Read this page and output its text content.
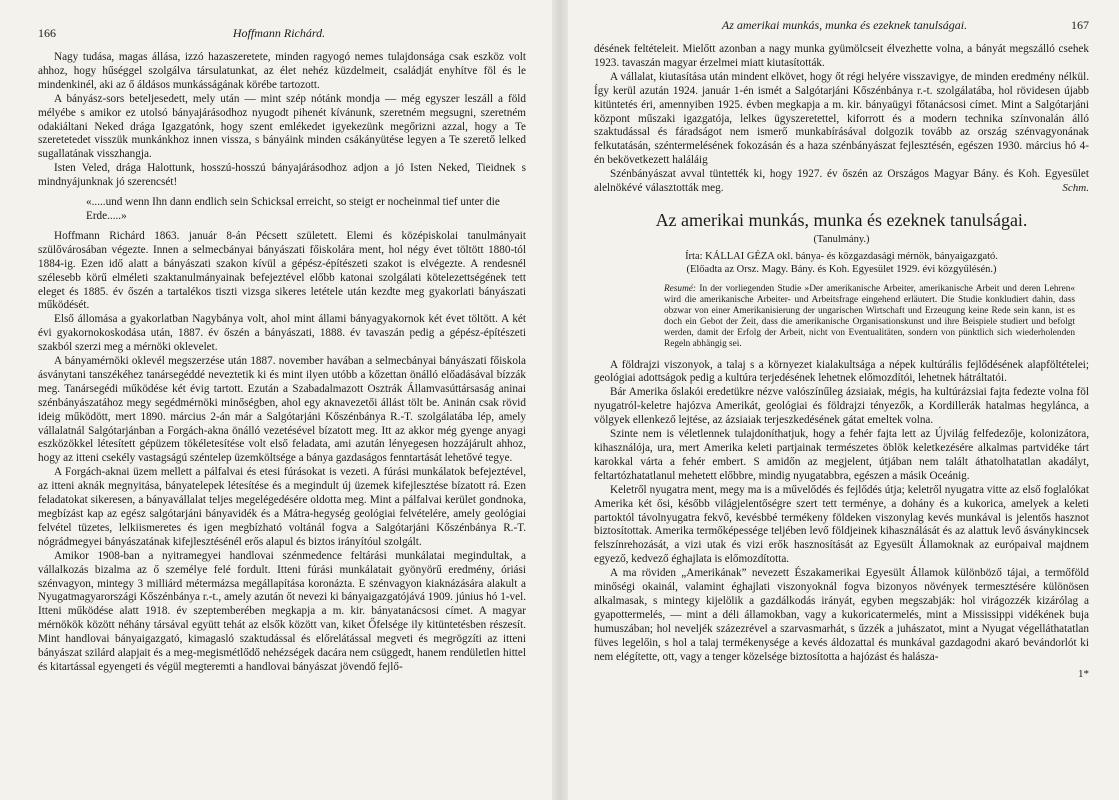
166	Hoffmann Richárd.

Nagy tudása, magas állása, izzó hazaszeretete, minden ragyogó nemes tulajdonsága csak eszköz volt ahhoz, hogy hűséggel szolgálva társulatunkat, az élet nehéz küzdelmeit, családját enyhítve föl és le mindenkinél, aki az ő áldásos munkásságának körébe tartozott.

A bányász-sors beteljesedett, mely után — mint szép nótánk mondja — még egyszer leszáll a föld mélyébe s amikor ez utolsó bányajárásodhoz nyugodt pihenét kívánunk, szeretném megsugni, szeretném odakiáltani Neked drága Igazgatónk, hogy szent emlékedet igyekezünk megőrizni azzal, hogy a Te szeretetedet visszük munkánkhoz innen vissza, s bányáink minden csákányütése legyen a Te szerető lelked sugallatának visszhangja.

Isten Veled, drága Halottunk, hosszú-hosszú bányajárásodhoz adjon a jó Isten Neked, Tieidnek s mindnyájunknak jó szerencsét!

«.....und wenn Ihn dann endlich sein Schicksal erreicht, so steigt er nocheinmal tief unter die Erde.....»

Hoffmann Richárd 1863. január 8-án Pécsett született. Elemi és középiskolai tanulmányait szülővárosában végezte. Innen a selmecbányai bányászati főiskolára ment, hol négy évet töltött 1880-tól 1884-ig. Ezen idő alatt a bányászati szakon kívül a gépész-építészeti szakot is elvégezte. A rendesnél szélesebb körű elméleti szaktanulmányainak befejeztével előbb katonai szolgálati kötelezettségének tett eleget és 1885. év őszén a tartalékos tiszti vizsga sikeres letétele után kezdte meg gyakorlati bányászati működését.

Első állomása a gyakorlatban Nagybánya volt, ahol mint állami bányagyakornok két évet töltött. A két évi gyakornokoskodása után, 1887. év őszén a bányászati, 1888. év tavaszán pedig a gépész-építészeti szakból szerzi meg a mérnöki oklevelet.

A bányamérnöki oklevél megszerzése után 1887. november havában a selmecbányai bányászati főiskola ásványtani tanszékéhez tanársegéddé neveztetik ki és mint ilyen utóbb a kőzettan önálló előadásával bízzák meg. Tanársegédi működése két évig tartott. Ezután a Szabadalmazott Osztrák Államvasúttársaság aninai szénbányászatához megy segédmérnöki minőségben, ahol egy aknavezetői állást tölt be. Aninán csak rövid ideig működött, mert 1890. március 2-án már a Salgótarjáni Kőszénbánya R.-T. szolgálatába lép, amely vállalatnál Salgótarjánban a Forgách-akna önálló vezetésével bízatott meg. Itt az akkor még gyenge anyagi eszközökkel létesített gépüzem tökéletesítése volt első feladata, ami azután lényegesen hozzájárult ahhoz, hogy az itteni csekély vastagságú széntelep üzemköltsége a bánya gazdaságos fenntartását lehetővé tegye.

A Forgách-aknai üzem mellett a pálfalvai és etesi fúrásokat is vezeti. A fúrási munkálatok befejeztével, az itteni aknák megnyitása, bányatelepek létesítése és a megindult új üzemek kifejlesztése bízatott rá. Ezen feladatokat sikeresen, a bányavállalat teljes megelégedésére oldotta meg. Mint a pálfalvai kerület gondnoka, megbízást kap az egész salgótarjáni bányavidék és a Mátra-hegység geológiai felvételére, amely geológiai felvétel tüzetes, lelkiismeretes és igen megbízható voltánál fogva a Salgótarjáni Kőszénbánya R.-T. nógrádmegyei bányászatának kifejlesztésénél erős alapul és biztos irányítóul szolgált.

Amikor 1908-ban a nyitramegyei handlovai szénmedence feltárási munkálatai megindultak, a vállalkozás bizalma az ő személye felé fordult. Itteni fúrási munkálatait gyönyörű eredmény, óriási szénvagyon, mintegy 3 milliárd métermázsa megállapítása koronázta. E szénvagyon kiaknázására alakult a Nyugatmagyarországi Kőszénbánya r.-t., amely azután őt nevezi ki bányaigazgatójává 1909. június hó 1-vel. Itteni működése alatt 1918. év szeptemberében megkapja a m. kir. bányatanácsosi címet. A magyar mérnökök között néhány társával együtt tehát az elsők között van, kiket Őfelsége ily kitüntetésben részesít. Mint handlovai bányaigazgató, kimagasló szaktudással és előrelátással megveti és megrögzíti az itteni bányászat szilárd alapjait és a meg-megismétlődő nehézségek dacára nem csüggedt, hanem rendületlen hittel és kitartással egyengeti és végül megteremti a handlovai bányászat jövendő fejlő-

Az amerikai munkás, munka és ezeknek tanulságai.	167

désének feltételeit. Mielőtt azonban a nagy munka gyümölcseit élvezhette volna, a bányát megszálló csehek 1923. tavaszán magyar érzelmei miatt kiutasították.

A vállalat, kiutasítása után mindent elkövet, hogy őt régi helyére visszavigye, de minden eredmény nélkül. Így kerül azután 1924. január 1-én ismét a Salgótarjáni Kőszénbánya r.-t. szolgálatába, hol rövidesen újabb kitüntetés éri, amennyiben 1925. évben megkapja a m. kir. bányaügyi főtanácsosi címet. Mint a Salgótarjáni központ műszaki igazgatója, lelkes ügyszeretettel, kiforrott és a modern technika színvonalán álló szaktudással és fáradságot nem ismerő munkabírásával dolgozik tovább az ország szénvagyonának felkutatásán, széntermelésének fokozásán és a haza szénbányászat fejlesztésén, egészen 1930. március hó 4-én bekövetkezett haláláig

Szénbányászat avval tüntették ki, hogy 1927. év őszén az Országos Magyar Bány. és Koh. Egyesület alelnökévé választották meg.	Schm.
Az amerikai munkás, munka és ezeknek tanulságai.
(Tanulmány.)
Írta: KÁLLAI GÉZA okl. bánya- és közgazdasági mérnök, bányaigazgató.
(Előadta az Orsz. Magy. Bány. és Koh. Egyesület 1929. évi közgyűlésén.)
Resumé: In der vorliegenden Studie »Der amerikanische Arbeiter, amerikanische Arbeit und deren Lehren« wird die amerikanische Arbeiter- und Arbeitsfrage eingehend erläutert. Die Studie konkludiert dahin, dass obzwar von einer Amerikanisierung der ungarischen Wirtschaft und Erzeugung keine Rede sein kann, ist es doch ein Gebot der Zeit, dass die amerikanische Organisationskunst und ihre Beispiele studiert und befolgt werden, damit der Erfolg der Arbeit, nicht von Eventualitäten, sondern von pünktlich sich wiederholenden Regeln abhängig sei.

A földrajzi viszonyok, a talaj s a környezet kialakultsága a népek kultúrális fejlődésének alapföltételei; geológiai adottságok pedig a kultúra terjedésének lehetnek előmozdítói, lehetnek hátráltatói.

Bár Amerika őslakói eredetükre nézve valószínűleg ázsiaiak, mégis, ha kultúrázsiai fajta fedezte volna föl nyugatról-keletre hajózva Amerikát, geológiai és földrajzi tényezők, a Kordillerák hatalmas hegyláncа, a völgyek ellenkező lejtése, az ázsiaiak terjeszkedésének gátat emeltek volna.

Szinte nem is véletlennek tulajdoníthatjuk, hogy a fehér fajta lett az Újvilág felfedezője, kolonizátora, kihasználója, ura, mert Amerika keleti partjainak természetes öblök keletkezésére alkalmas partvidéke tárt karokkal várta a fehér embert. S amidőn az megjelent, útjában nem talált áthatolhatatlan akadályt, feltartózhatatlanul mehetett előbbre, mindig nyugatabbra, egészen a másik Oceánig.

Keletről nyugatra ment, megy ma is a művelődés és fejlődés útja; keletről nyugatra vitte az első foglalókat Amerika két ősi, később világjelentőségre szert tett terménye, a dohány és a kukorica, amelyek a keleti partoktól távolnyugatra fekvő, kevésbbé termékeny földeken viszonylag kevés munkával is jelentős hasznot biztosítottak. Amerika termőképessége teljében levő földjeinek kihasználását és az alattuk levő ásványkincsek felszínrehozását, a vizi utak és vizi erők hasznosítását az Egyesült Államoknak az európaival majdnem egyező, kedvező éghajlata is előmozdította.

A ma röviden „Amerikának” nevezett Északamerikai Egyesült Államok különböző tájai, a termőföld minőségi okainál, valamint éghajlati viszonyoknál fogva bizonyos növények termesztésére különösen alkalmasak, s mintegy kijelölik a gazdálkodás irányát, egyben megszabják: hol virágozzék kizárólag a gyapottermelés, — mint a déli államokban, vagy a kukoricatermelés, mint a Mississippi vidékének buja humuszában; hol neveljék százezrével a szarvasmarhát, s űzzék a juhászatot, mint a Nyugat végelláthatatlan füves legelőin, s hol a talaj termékenysége a kevés áldozattal és munkával gazdagodni akaró bevándorlót ki nem elégítette, ott, vagy a tenger közelsége biztosította a hajózást és halásza-

1*
